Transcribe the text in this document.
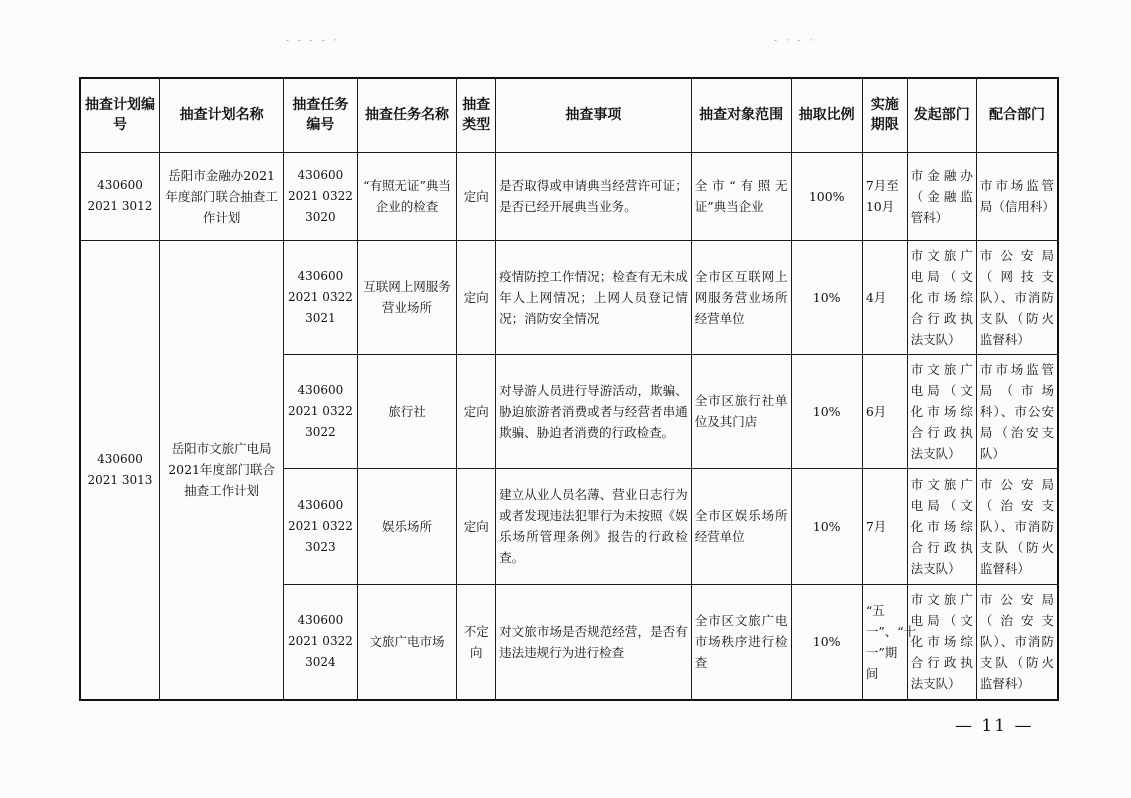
- - - - ·	- · - ·
抽查计划编号	抽查计划名称	抽查任务编号	抽查任务名称	抽查类型	抽查事项	抽查对象范围	抽取比例	实施期限	发起部门	配合部门
430600 2021 3012	岳阳市金融办2021年度部门联合抽查工作计划	430600 2021 0322 3020	“有照无证”典当企业的检查	定向	是否取得或申请典当经营许可证；是否已经开展典当业务。	全市“有照无证”典当企业	100%	7月至10月	市金融办（金融监管科）	市市场监管局（信用科）
430600 2021 3013	岳阳市文旅广电局2021年度部门联合抽查工作计划	430600 2021 0322 3021	互联网上网服务营业场所	定向	疫情防控工作情况；检查有无未成年人上网情况；上网人员登记情况；消防安全情况	全市区互联网上网服务营业场所经营单位	10%	4月	市文旅广电局（文化市场综合行政执法支队）	市公安局（网技支队）、市消防支队（防火监督科）
		430600 2021 0322 3022	旅行社	定向	对导游人员进行导游活动，欺骗、胁迫旅游者消费或者与经营者串通欺骗、胁迫者消费的行政检查。	全市区旅行社单位及其门店	10%	6月	市文旅广电局（文化市场综合行政执法支队）	市市场监管局（市场科）、市公安局（治安支队）
		430600 2021 0322 3023	娱乐场所	定向	建立从业人员名薄、营业日志行为或者发现违法犯罪行为未按照《娱乐场所管理条例》报告的行政检查。	全市区娱乐场所经营单位	10%	7月	市文旅广电局（文化市场综合行政执法支队）	市公安局（治安支队）、市消防支队（防火监督科）
		430600 2021 0322 3024	文旅广电市场	不定向	对文旅市场是否规范经营，是否有违法违规行为进行检查	全市区文旅广电市场秩序进行检查	10%	“五一”、“十一”期间	市文旅广电局（文化市场综合行政执法支队）	市公安局（治安支队）、市消防支队（防火监督科）
— 11 —
